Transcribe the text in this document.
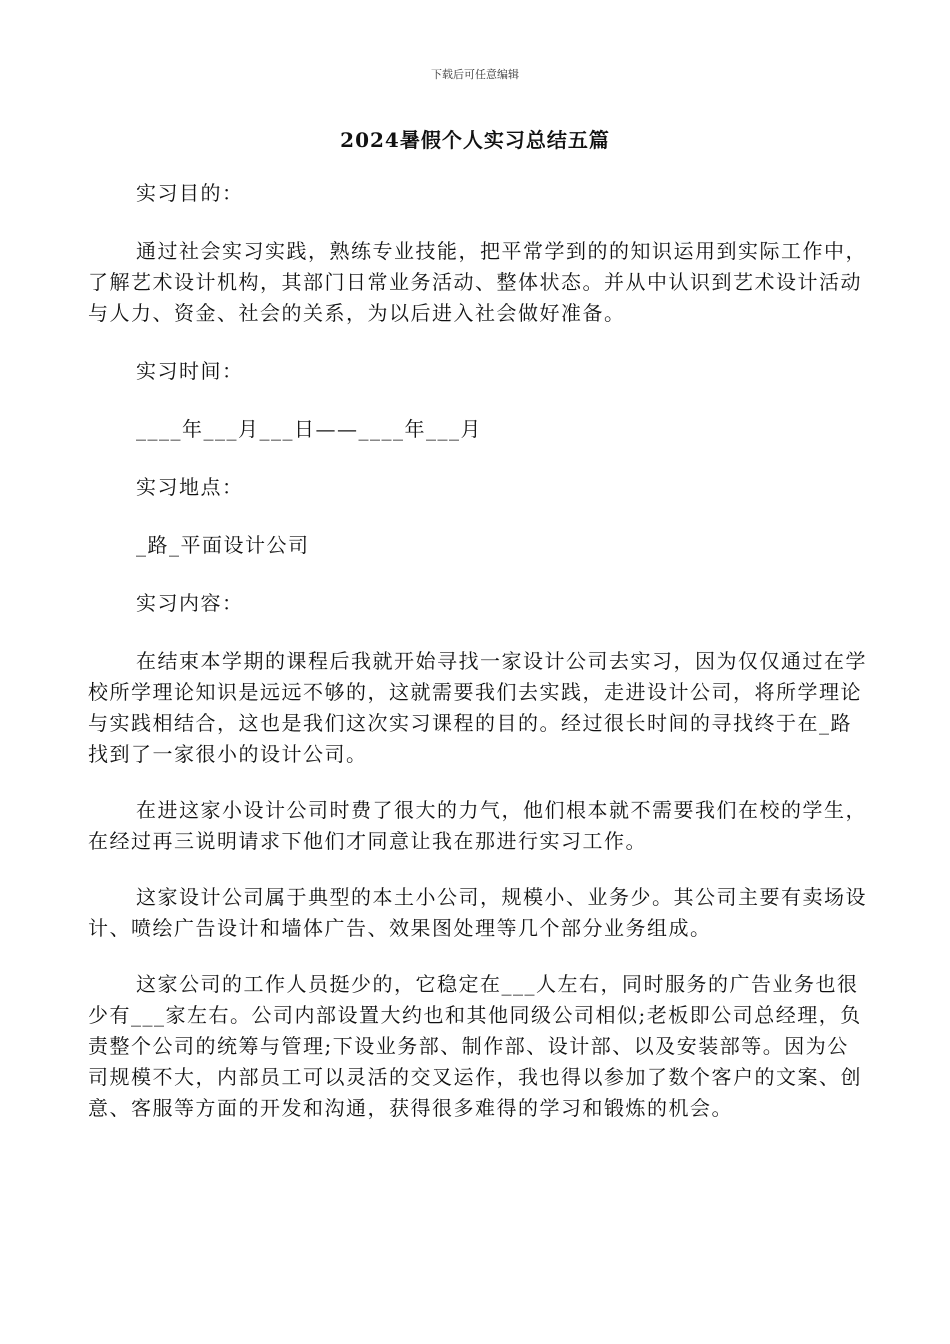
下载后可任意编辑
2024暑假个人实习总结五篇

实习目的：

通过社会实习实践，熟练专业技能，把平常学到的的知识运用到实际工作中，了解艺术设计机构，其部门日常业务活动、整体状态。并从中认识到艺术设计活动与人力、资金、社会的关系，为以后进入社会做好准备。

实习时间：

____年___月___日——____年___月

实习地点：

_路_平面设计公司

实习内容：

在结束本学期的课程后我就开始寻找一家设计公司去实习，因为仅仅通过在学校所学理论知识是远远不够的，这就需要我们去实践，走进设计公司，将所学理论与实践相结合，这也是我们这次实习课程的目的。经过很长时间的寻找终于在_路找到了一家很小的设计公司。

在进这家小设计公司时费了很大的力气，他们根本就不需要我们在校的学生，在经过再三说明请求下他们才同意让我在那进行实习工作。

这家设计公司属于典型的本土小公司，规模小、业务少。其公司主要有卖场设计、喷绘广告设计和墙体广告、效果图处理等几个部分业务组成。

这家公司的工作人员挺少的，它稳定在___人左右，同时服务的广告业务也很少有___家左右。公司内部设置大约也和其他同级公司相似;老板即公司总经理，负责整个公司的统筹与管理;下设业务部、制作部、设计部、以及安装部等。因为公司规模不大，内部员工可以灵活的交叉运作，我也得以参加了数个客户的文案、创意、客服等方面的开发和沟通，获得很多难得的学习和锻炼的机会。
